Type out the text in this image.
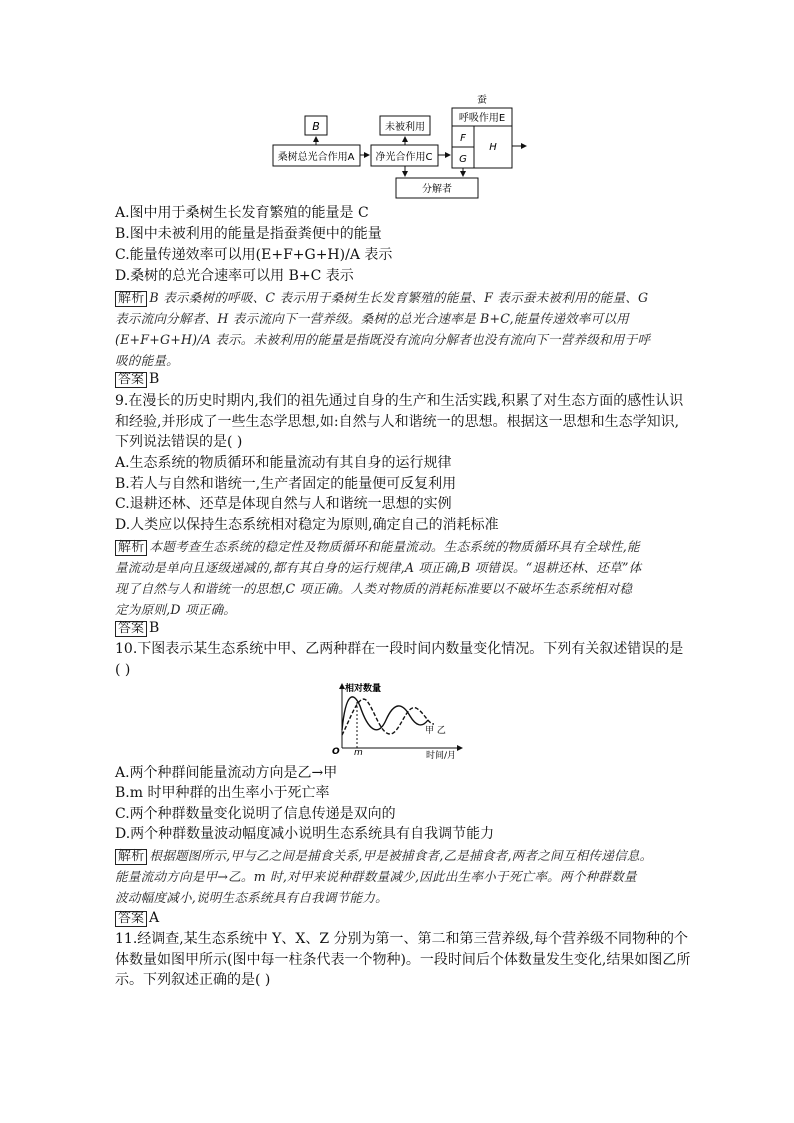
B
桑树总光合作用A
未被利用
净光合作用C
蚕
呼吸作用E
F
G
H
分解者
A.图中用于桑树生长发育繁殖的能量是 C
B.图中未被利用的能量是指蚕粪便中的能量
C.能量传递效率可以用(E+F+G+H)/A 表示
D.桑树的总光合速率可以用 B+C 表示
解析 B 表示桑树的呼吸、C 表示用于桑树生长发育繁殖的能量、F 表示蚕未被利用的能量、G
表示流向分解者、H 表示流向下一营养级。桑树的总光合速率是 B+C,能量传递效率可以用
(E+F+G+H)/A 表示。未被利用的能量是指既没有流向分解者也没有流向下一营养级和用于呼
吸的能量。
答案 B
9.在漫长的历史时期内,我们的祖先通过自身的生产和生活实践,积累了对生态方面的感性认识
和经验,并形成了一些生态学思想,如:自然与人和谐统一的思想。根据这一思想和生态学知识,
下列说法错误的是( )
A.生态系统的物质循环和能量流动有其自身的运行规律
B.若人与自然和谐统一,生产者固定的能量便可反复利用
C.退耕还林、还草是体现自然与人和谐统一思想的实例
D.人类应以保持生态系统相对稳定为原则,确定自己的消耗标准
解析 本题考查生态系统的稳定性及物质循环和能量流动。生态系统的物质循环具有全球性,能
量流动是单向且逐级递减的,都有其自身的运行规律,A 项正确,B 项错误。“退耕还林、还草”体
现了自然与人和谐统一的思想,C 项正确。人类对物质的消耗标准要以不破坏生态系统相对稳
定为原则,D 项正确。
答案 B
10.下图表示某生态系统中甲、乙两种群在一段时间内数量变化情况。下列有关叙述错误的是
( )
相对数量
时间/月
O m
甲 乙
A.两个种群间能量流动方向是乙→甲
B.m 时甲种群的出生率小于死亡率
C.两个种群数量变化说明了信息传递是双向的
D.两个种群数量波动幅度减小说明生态系统具有自我调节能力
解析 根据题图所示,甲与乙之间是捕食关系,甲是被捕食者,乙是捕食者,两者之间互相传递信息。
能量流动方向是甲→乙。m 时,对甲来说种群数量减少,因此出生率小于死亡率。两个种群数量
波动幅度减小,说明生态系统具有自我调节能力。
答案 A
11.经调查,某生态系统中 Y、X、Z 分别为第一、第二和第三营养级,每个营养级不同物种的个
体数量如图甲所示(图中每一柱条代表一个物种)。一段时间后个体数量发生变化,结果如图乙所
示。下列叙述正确的是( )
